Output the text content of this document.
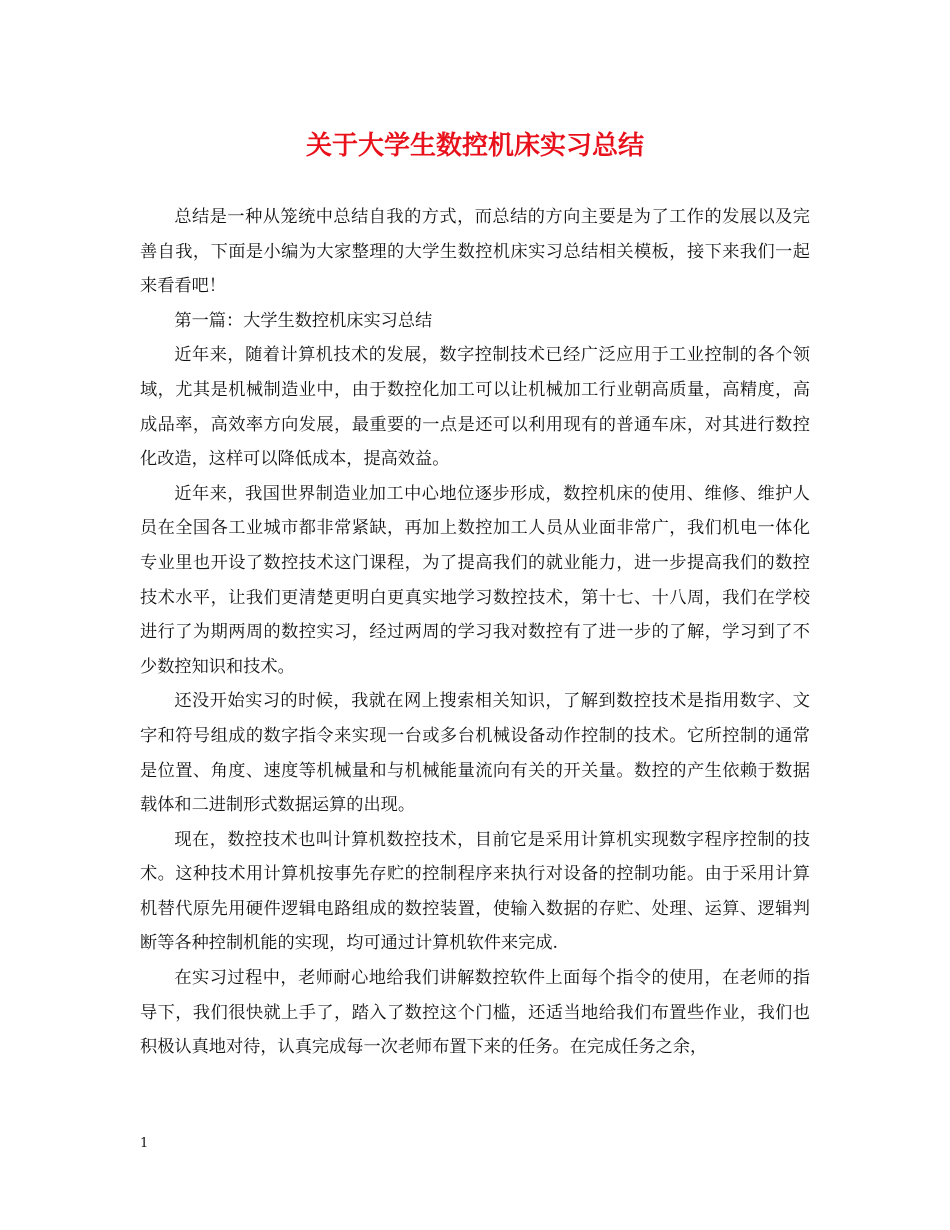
关于大学生数控机床实习总结

总结是一种从笼统中总结自我的方式，而总结的方向主要是为了工作的发展以及完善自我，下面是小编为大家整理的大学生数控机床实习总结相关模板，接下来我们一起来看看吧！

第一篇：大学生数控机床实习总结

近年来，随着计算机技术的发展，数字控制技术已经广泛应用于工业控制的各个领域，尤其是机械制造业中，由于数控化加工可以让机械加工行业朝高质量，高精度，高成品率，高效率方向发展，最重要的一点是还可以利用现有的普通车床，对其进行数控化改造，这样可以降低成本，提高效益。

近年来，我国世界制造业加工中心地位逐步形成，数控机床的使用、维修、维护人员在全国各工业城市都非常紧缺，再加上数控加工人员从业面非常广，我们机电一体化专业里也开设了数控技术这门课程，为了提高我们的就业能力，进一步提高我们的数控技术水平，让我们更清楚更明白更真实地学习数控技术，第十七、十八周，我们在学校进行了为期两周的数控实习，经过两周的学习我对数控有了进一步的了解，学习到了不少数控知识和技术。

还没开始实习的时候，我就在网上搜索相关知识，了解到数控技术是指用数字、文字和符号组成的数字指令来实现一台或多台机械设备动作控制的技术。它所控制的通常是位置、角度、速度等机械量和与机械能量流向有关的开关量。数控的产生依赖于数据载体和二进制形式数据运算的出现。

现在，数控技术也叫计算机数控技术，目前它是采用计算机实现数字程序控制的技术。这种技术用计算机按事先存贮的控制程序来执行对设备的控制功能。由于采用计算机替代原先用硬件逻辑电路组成的数控装置，使输入数据的存贮、处理、运算、逻辑判断等各种控制机能的实现，均可通过计算机软件来完成.

在实习过程中，老师耐心地给我们讲解数控软件上面每个指令的使用，在老师的指导下，我们很快就上手了，踏入了数控这个门槛，还适当地给我们布置些作业，我们也积极认真地对待，认真完成每一次老师布置下来的任务。在完成任务之余，

1
